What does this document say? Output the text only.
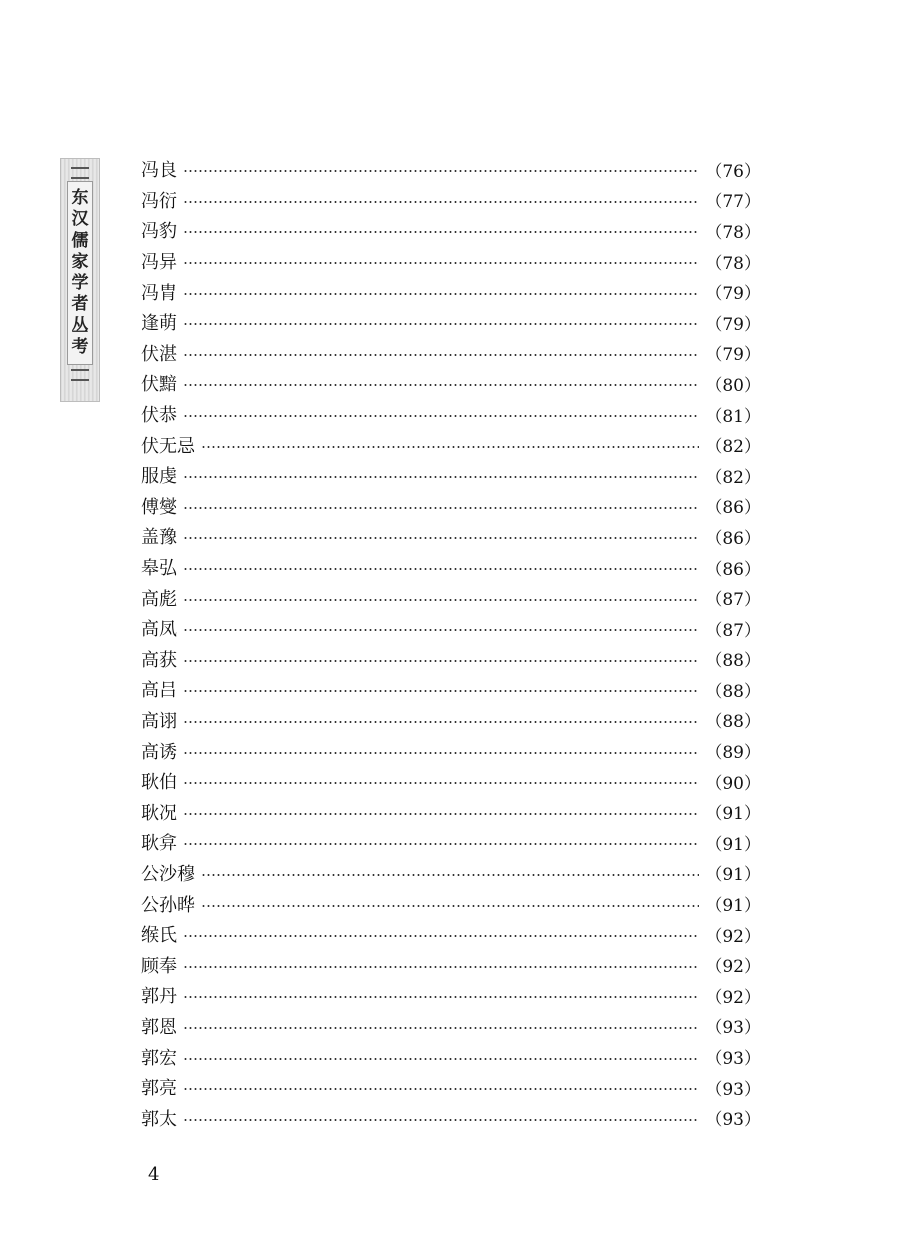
东
汉
儒
家
学
者
丛
考
冯良	（76）
冯衍	（77）
冯豹	（78）
冯异	（78）
冯胄	（79）
逢萌	（79）
伏湛	（79）
伏黯	（80）
伏恭	（81）
伏无忌	（82）
服虔	（82）
傅燮	（86）
盖豫	（86）
皋弘	（86）
高彪	（87）
高凤	（87）
高获	（88）
高吕	（88）
高诩	（88）
高诱	（89）
耿伯	（90）
耿况	（91）
耿弇	（91）
公沙穆	（91）
公孙晔	（91）
缑氏	（92）
顾奉	（92）
郭丹	（92）
郭恩	（93）
郭宏	（93）
郭亮	（93）
郭太	（93）
4
